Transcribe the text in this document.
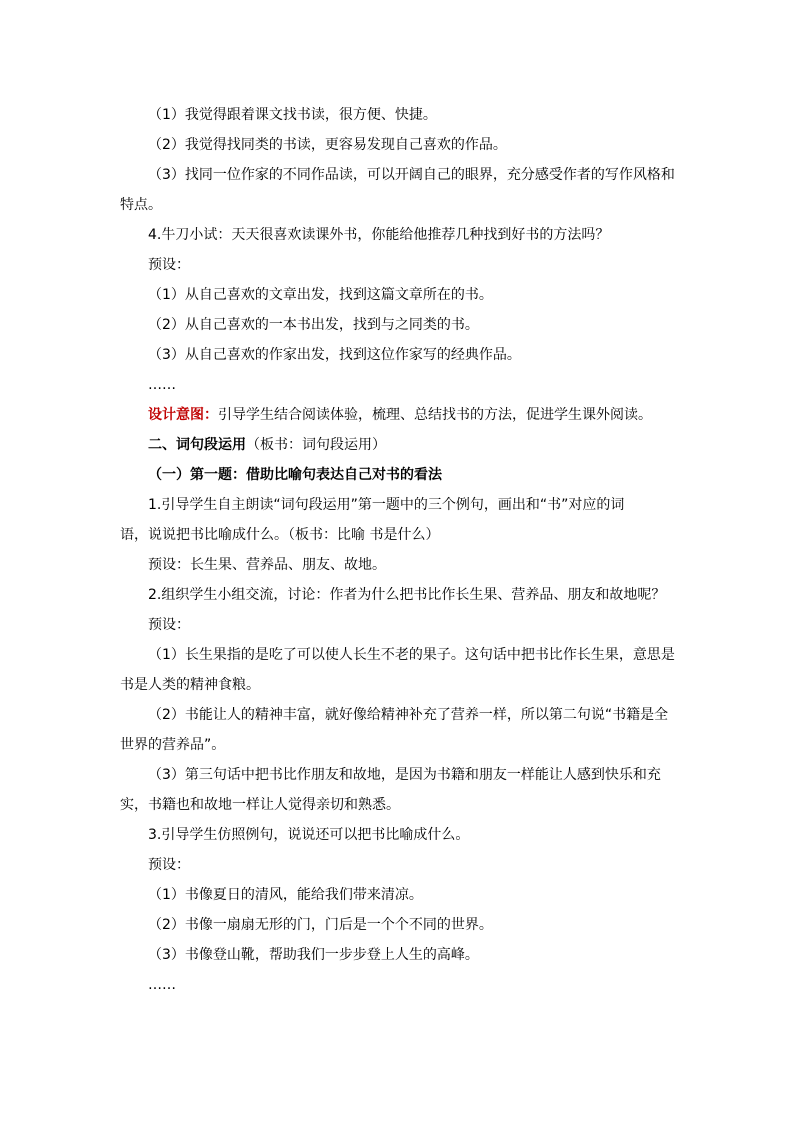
（1）我觉得跟着课文找书读，很方便、快捷。

（2）我觉得找同类的书读，更容易发现自己喜欢的作品。

（3）找同一位作家的不同作品读，可以开阔自己的眼界，充分感受作者的写作风格和

特点。

4.牛刀小试：天天很喜欢读课外书，你能给他推荐几种找到好书的方法吗？

预设：

（1）从自己喜欢的文章出发，找到这篇文章所在的书。

（2）从自己喜欢的一本书出发，找到与之同类的书。

（3）从自己喜欢的作家出发，找到这位作家写的经典作品。

……

设计意图：引导学生结合阅读体验，梳理、总结找书的方法，促进学生课外阅读。

二、词句段运用（板书：词句段运用）

（一）第一题：借助比喻句表达自己对书的看法

1.引导学生自主朗读“词句段运用”第一题中的三个例句，画出和“书”对应的词

语，说说把书比喻成什么。（板书：比喻 书是什么）

预设：长生果、营养品、朋友、故地。

2.组织学生小组交流，讨论：作者为什么把书比作长生果、营养品、朋友和故地呢？

预设：

（1）长生果指的是吃了可以使人长生不老的果子。这句话中把书比作长生果，意思是

书是人类的精神食粮。

（2）书能让人的精神丰富，就好像给精神补充了营养一样，所以第二句说“书籍是全

世界的营养品”。

（3）第三句话中把书比作朋友和故地，是因为书籍和朋友一样能让人感到快乐和充

实，书籍也和故地一样让人觉得亲切和熟悉。

3.引导学生仿照例句，说说还可以把书比喻成什么。

预设：

（1）书像夏日的清风，能给我们带来清凉。

（2）书像一扇扇无形的门，门后是一个个不同的世界。

（3）书像登山靴，帮助我们一步步登上人生的高峰。

……
